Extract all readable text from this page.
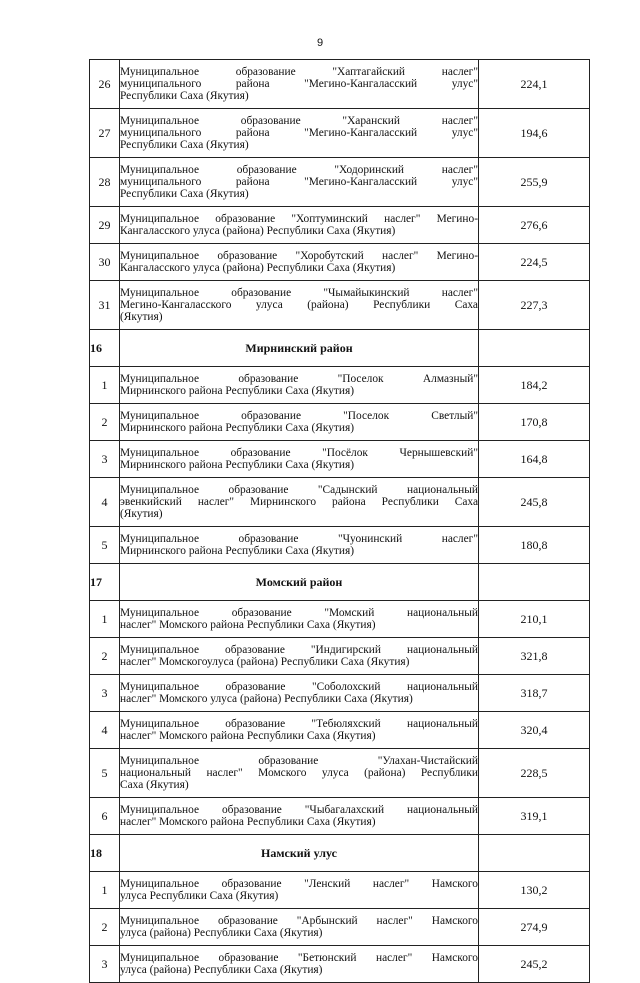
9
26	Муниципальное образование "Хаптагайский наслег"
муниципального района "Мегино-Кангаласский улус"
Республики Саха (Якутия)	224,1
27	Муниципальное образование "Харанский наслег"
муниципального района "Мегино-Кангаласский улус"
Республики Саха (Якутия)	194,6
28	Муниципальное образование "Ходоринский наслег"
муниципального района "Мегино-Кангаласский улус"
Республики Саха (Якутия)	255,9
29	Муниципальное образование "Хоптуминский наслег" Мегино-
Кангаласского улуса (района) Республики Саха (Якутия)	276,6
30	Муниципальное образование "Хоробутский наслег" Мегино-
Кангаласского улуса (района) Республики Саха (Якутия)	224,5
31	Муниципальное образование "Чымайыкинский наслег"
Мегино-Кангаласского улуса (района) Республики Саха
(Якутия)	227,3
16	Мирнинский район	
1	Муниципальное образование "Поселок Алмазный"
Мирнинского района Республики Саха (Якутия)	184,2
2	Муниципальное образование "Поселок Светлый"
Мирнинского района Республики Саха (Якутия)	170,8
3	Муниципальное образование "Посёлок Чернышевский"
Мирнинского района Республики Саха (Якутия)	164,8
4	Муниципальное образование "Садынский национальный
эвенкийский наслег" Мирнинского района Республики Саха
(Якутия)	245,8
5	Муниципальное образование "Чуонинский наслег"
Мирнинского района Республики Саха (Якутия)	180,8
17	Момский район	
1	Муниципальное образование "Момский национальный
наслег" Момского района Республики Саха (Якутия)	210,1
2	Муниципальное образование "Индигирский национальный
наслег" Момскогоулуса (района) Республики Саха (Якутия)	321,8
3	Муниципальное образование "Соболохский национальный
наслег" Момского улуса (района) Республики Саха (Якутия)	318,7
4	Муниципальное образование "Тебюляхский национальный
наслег" Момского района Республики Саха (Якутия)	320,4
5	Муниципальное образование "Улахан-Чистайский
национальный наслег" Момского улуса (района) Республики
Саха (Якутия)	228,5
6	Муниципальное образование "Чыбагалахский национальный
наслег" Момского района Республики Саха (Якутия)	319,1
18	Намский улус	
1	Муниципальное образование "Ленский наслег" Намского
улуса Республики Саха (Якутия)	130,2
2	Муниципальное образование "Арбынский наслег" Намского
улуса (района) Республики Саха (Якутия)	274,9
3	Муниципальное образование "Бетюнский наслег" Намского
улуса (района) Республики Саха (Якутия)	245,2
